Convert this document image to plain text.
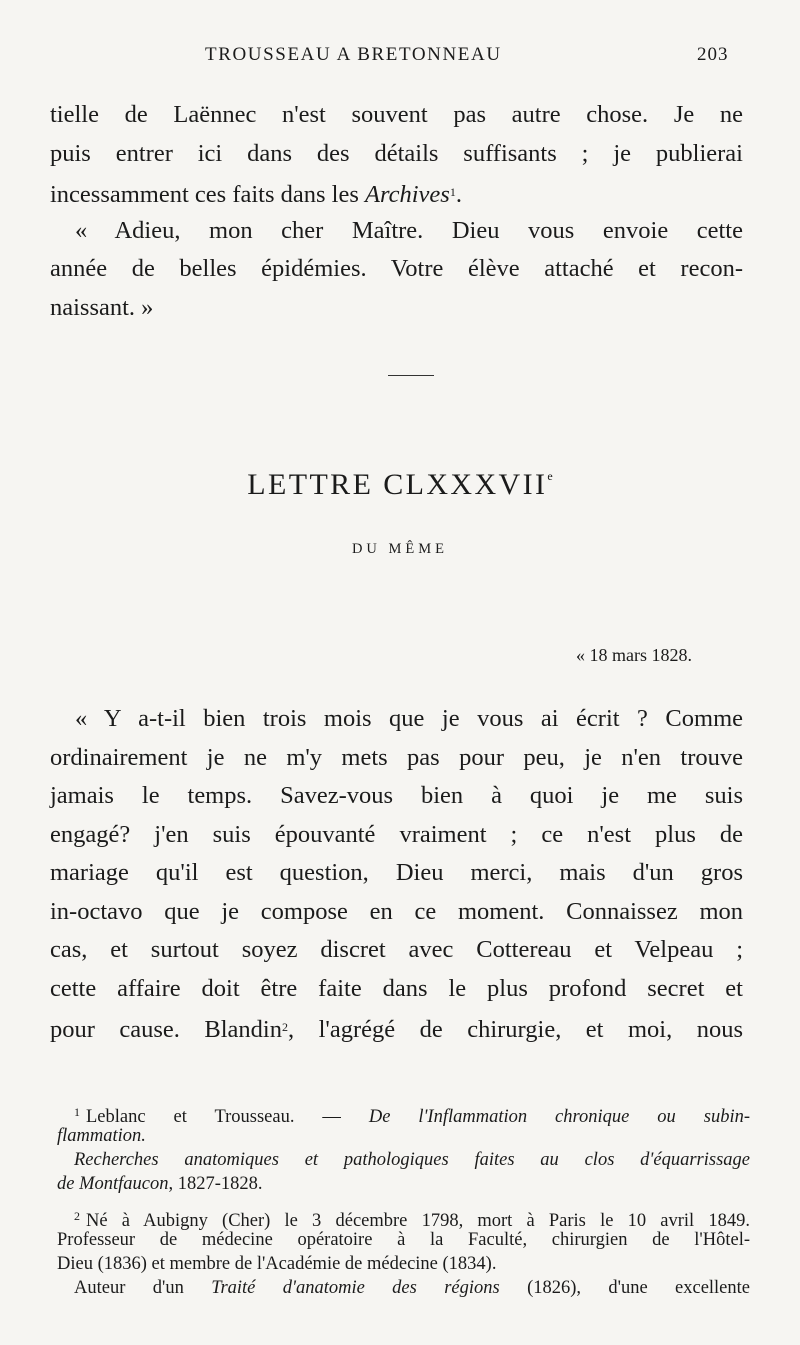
TROUSSEAU A BRETONNEAU	203
tielle de Laënnec n'est souvent pas autre chose. Je ne
puis entrer ici dans des détails suffisants ; je publierai
incessamment ces faits dans les Archives$^1$.
« Adieu, mon cher Maître. Dieu vous envoie cette
année de belles épidémies. Votre élève attaché et recon-
naissant. »
LETTRE CLXXXVIIe
DU MÊME
« 18 mars 1828.
« Y a-t-il bien trois mois que je vous ai écrit ? Comme
ordinairement je ne m'y mets pas pour peu, je n'en trouve
jamais le temps. Savez-vous bien à quoi je me suis
engagé? j'en suis épouvanté vraiment ; ce n'est plus de
mariage qu'il est question, Dieu merci, mais d'un gros
in-octavo que je compose en ce moment. Connaissez mon
cas, et surtout soyez discret avec Cottereau et Velpeau ;
cette affaire doit être faite dans le plus profond secret et
pour cause. Blandin$^2$, l'agrégé de chirurgie, et moi, nous
$^1$ Leblanc et Trousseau. — De l'Inflammation chronique ou subin-
flammation.
Recherches anatomiques et pathologiques faites au clos d'équarrissage
de Montfaucon, 1827-1828.
$^2$ Né à Aubigny (Cher) le 3 décembre 1798, mort à Paris le 10 avril 1849.
Professeur de médecine opératoire à la Faculté, chirurgien de l'Hôtel-
Dieu (1836) et membre de l'Académie de médecine (1834).
Auteur d'un Traité d'anatomie des régions (1826), d'une excellente
